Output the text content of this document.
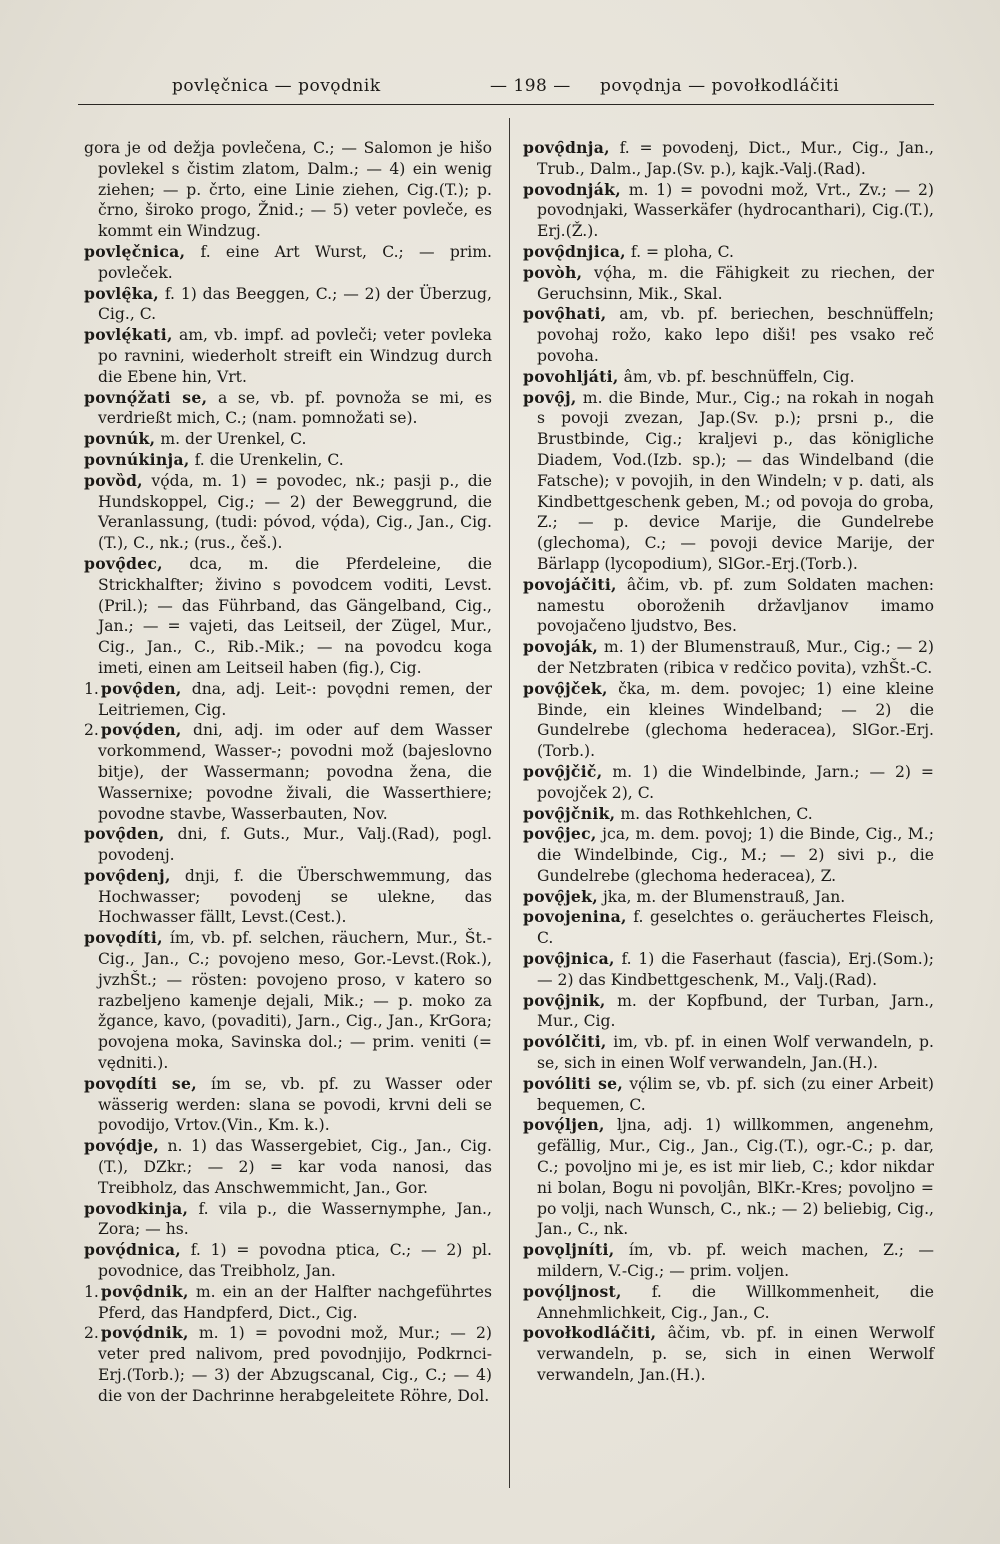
povlęčnica — povǫdnik	— 198 — povǫdnja — povołkodláčiti

gora je od dežja povlečena, C.; — Salomon je hišo povlekel s čistim zlatom, Dalm.; — 4) ein wenig ziehen; — p. črto, eine Linie ziehen, Cig.(T.); p. črno, široko progo, Žnid.; — 5) veter povleče, es kommt ein Windzug.

povlęčnica, f. eine Art Wurst, C.; — prim. povleček.

povlę̑ka, f. 1) das Beeggen, C.; — 2) der Überzug, Cig., C.

povlę́kati, am, vb. impf. ad povleči; veter povleka po ravnini, wiederholt streift ein Windzug durch die Ebene hin, Vrt.

povnǫ́žati se, a se, vb. pf. povnoža se mi, es verdrießt mich, C.; (nam. pomnožati se).

povnúk, m. der Urenkel, C.

povnúkinja, f. die Urenkelin, C.

povȍd, vǫ́da, m. 1) = povodec, nk.; pasji p., die Hundskoppel, Cig.; — 2) der Beweggrund, die Veranlassung, (tudi: póvod, vǫ́da), Cig., Jan., Cig.(T.), C., nk.; (rus., češ.).

povǫ̑dec, dca, m. die Pferdeleine, die Strickhalfter; živino s povodcem voditi, Levst.(Pril.); — das Führband, das Gängelband, Cig., Jan.; — = vajeti, das Leitseil, der Zügel, Mur., Cig., Jan., C., Rib.-Mik.; — na povodcu koga imeti, einen am Leitseil haben (fig.), Cig.

1. povǫ̑den, dna, adj. Leit-: povǫdni remen, der Leitriemen, Cig.

2. povǫ́den, dni, adj. im oder auf dem Wasser vorkommend, Wasser-; povodni mož (bajeslovno bitje), der Wassermann; povodna žena, die Wassernixe; povodne živali, die Wasserthiere; povodne stavbe, Wasserbauten, Nov.

povǫ̑den, dni, f. Guts., Mur., Valj.(Rad), pogl. povodenj.

povǫ̑denj, dnji, f. die Überschwemmung, das Hochwasser; povodenj se ulekne, das Hochwasser fällt, Levst.(Cest.).

povǫdíti, ím, vb. pf. selchen, räuchern, Mur., Št.-Cig., Jan., C.; povojeno meso, Gor.-Levst.(Rok.), jvzhŠt.; — rösten: povojeno proso, v katero so razbeljeno kamenje dejali, Mik.; — p. moko za žgance, kavo, (povaditi), Jarn., Cig., Jan., KrGora; povojena moka, Savinska dol.; — prim. veniti (= vędniti.).

povǫdíti se, ím se, vb. pf. zu Wasser oder wässerig werden: slana se povodi, krvni deli se povodijo, Vrtov.(Vin., Km. k.).

povǫ́dje, n. 1) das Wassergebiet, Cig., Jan., Cig.(T.), DZkr.; — 2) = kar voda nanosi, das Treibholz, das Anschwemmicht, Jan., Gor.

povodkinja, f. vila p., die Wassernymphe, Jan., Zora; — hs.

povǫ́dnica, f. 1) = povodna ptica, C.; — 2) pl. povodnice, das Treibholz, Jan.

1. povǫ̑dnik, m. ein an der Halfter nachgeführtes Pferd, das Handpferd, Dict., Cig.

2. povǫ́dnik, m. 1) = povodni mož, Mur.; — 2) veter pred nalivom, pred povodnjijo, Podkrnci-Erj.(Torb.); — 3) der Abzugscanal, Cig., C.; — 4) die von der Dachrinne herabgeleitete Röhre, Dol.

povǫ̑dnja, f. = povodenj, Dict., Mur., Cig., Jan., Trub., Dalm., Jap.(Sv. p.), kajk.-Valj.(Rad).

povodnják, m. 1) = povodni mož, Vrt., Zv.; — 2) povodnjaki, Wasserkäfer (hydrocanthari), Cig.(T.), Erj.(Ž.).

povǫ̑dnjica, f. = ploha, C.

povòh, vǫ́ha, m. die Fähigkeit zu riechen, der Geruchsinn, Mik., Skal.

povǫ̑hati, am, vb. pf. beriechen, beschnüffeln; povohaj rožo, kako lepo diši! pes vsako reč povoha.

povohljáti, âm, vb. pf. beschnüffeln, Cig.

povǫ̑j, m. die Binde, Mur., Cig.; na rokah in nogah s povoji zvezan, Jap.(Sv. p.); prsni p., die Brustbinde, Cig.; kraljevi p., das königliche Diadem, Vod.(Izb. sp.); — das Windelband (die Fatsche); v povojih, in den Windeln; v p. dati, als Kindbettgeschenk geben, M.; od povoja do groba, Z.; — p. device Marije, die Gundelrebe (glechoma), C.; — povoji device Marije, der Bärlapp (lycopodium), SlGor.-Erj.(Torb.).

povojáčiti, âčim, vb. pf. zum Soldaten machen: namestu oboroženih državljanov imamo povojačeno ljudstvo, Bes.

povoják, m. 1) der Blumenstrauß, Mur., Cig.; — 2) der Netzbraten (ribica v redčico povita), vzhŠt.-C.

povǫ̑jček, čka, m. dem. povojec; 1) eine kleine Binde, ein kleines Windelband; — 2) die Gundelrebe (glechoma hederacea), SlGor.-Erj.(Torb.).

povǫ̑jčič, m. 1) die Windelbinde, Jarn.; — 2) = povojček 2), C.

povǫ̑jčnik, m. das Rothkehlchen, C.

povǫ̑jec, jca, m. dem. povoj; 1) die Binde, Cig., M.; die Windelbinde, Cig., M.; — 2) sivi p., die Gundelrebe (glechoma hederacea), Z.

povǫ̑jek, jka, m. der Blumenstrauß, Jan.

povojenina, f. geselchtes o. geräuchertes Fleisch, C.

povǫ̑jnica, f. 1) die Faserhaut (fascia), Erj.(Som.); — 2) das Kindbettgeschenk, M., Valj.(Rad).

povǫ̑jnik, m. der Kopfbund, der Turban, Jarn., Mur., Cig.

povólčiti, im, vb. pf. in einen Wolf verwandeln, p. se, sich in einen Wolf verwandeln, Jan.(H.).

povóliti se, vǫ́lim se, vb. pf. sich (zu einer Arbeit) bequemen, C.

povǫ́ljen, ljna, adj. 1) willkommen, angenehm, gefällig, Mur., Cig., Jan., Cig.(T.), ogr.-C.; p. dar, C.; povoljno mi je, es ist mir lieb, C.; kdor nikdar ni bolan, Bogu ni povoljân, BlKr.-Kres; povoljno = po volji, nach Wunsch, C., nk.; — 2) beliebig, Cig., Jan., C., nk.

povǫljníti, ím, vb. pf. weich machen, Z.; — mildern, V.-Cig.; — prim. voljen.

povǫ́ljnost, f. die Willkommenheit, die Annehmlichkeit, Cig., Jan., C.

povołkodláčiti, âčim, vb. pf. in einen Werwolf verwandeln, p. se, sich in einen Werwolf verwandeln, Jan.(H.).
